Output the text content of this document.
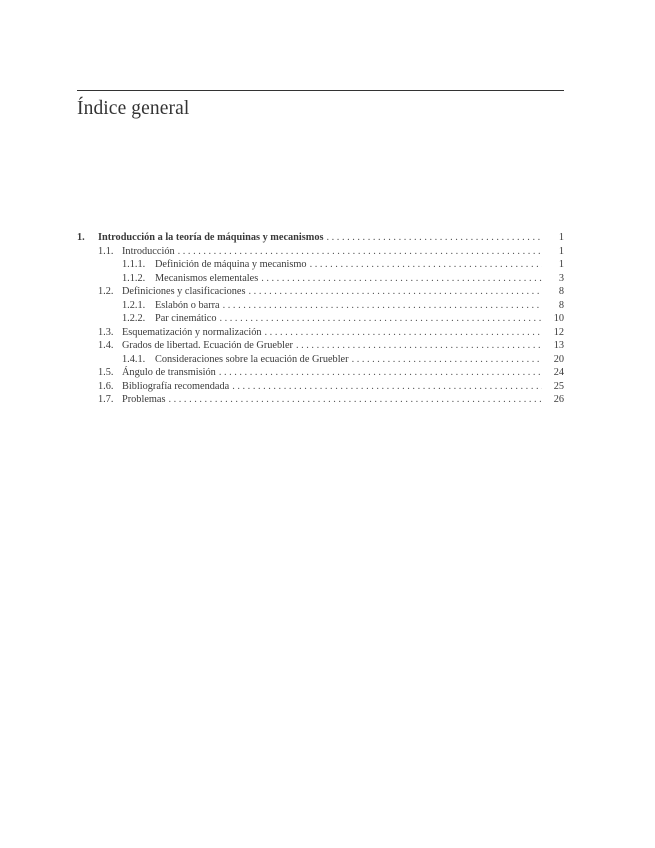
Índice general
1.	Introducción a la teoría de máquinas y mecanismos . . .	1
1.1. Introducción . . .	1
1.1.1. Definición de máquina y mecanismo . . .	1
1.1.2. Mecanismos elementales . . .	3
1.2. Definiciones y clasificaciones . . .	8
1.2.1. Eslabón o barra . . .	8
1.2.2. Par cinemático . . .	10
1.3. Esquematización y normalización . . .	12
1.4. Grados de libertad. Ecuación de Gruebler . . .	13
1.4.1. Consideraciones sobre la ecuación de Gruebler . . .	20
1.5. Ángulo de transmisión . . .	24
1.6. Bibliografía recomendada . . .	25
1.7. Problemas . . .	26
